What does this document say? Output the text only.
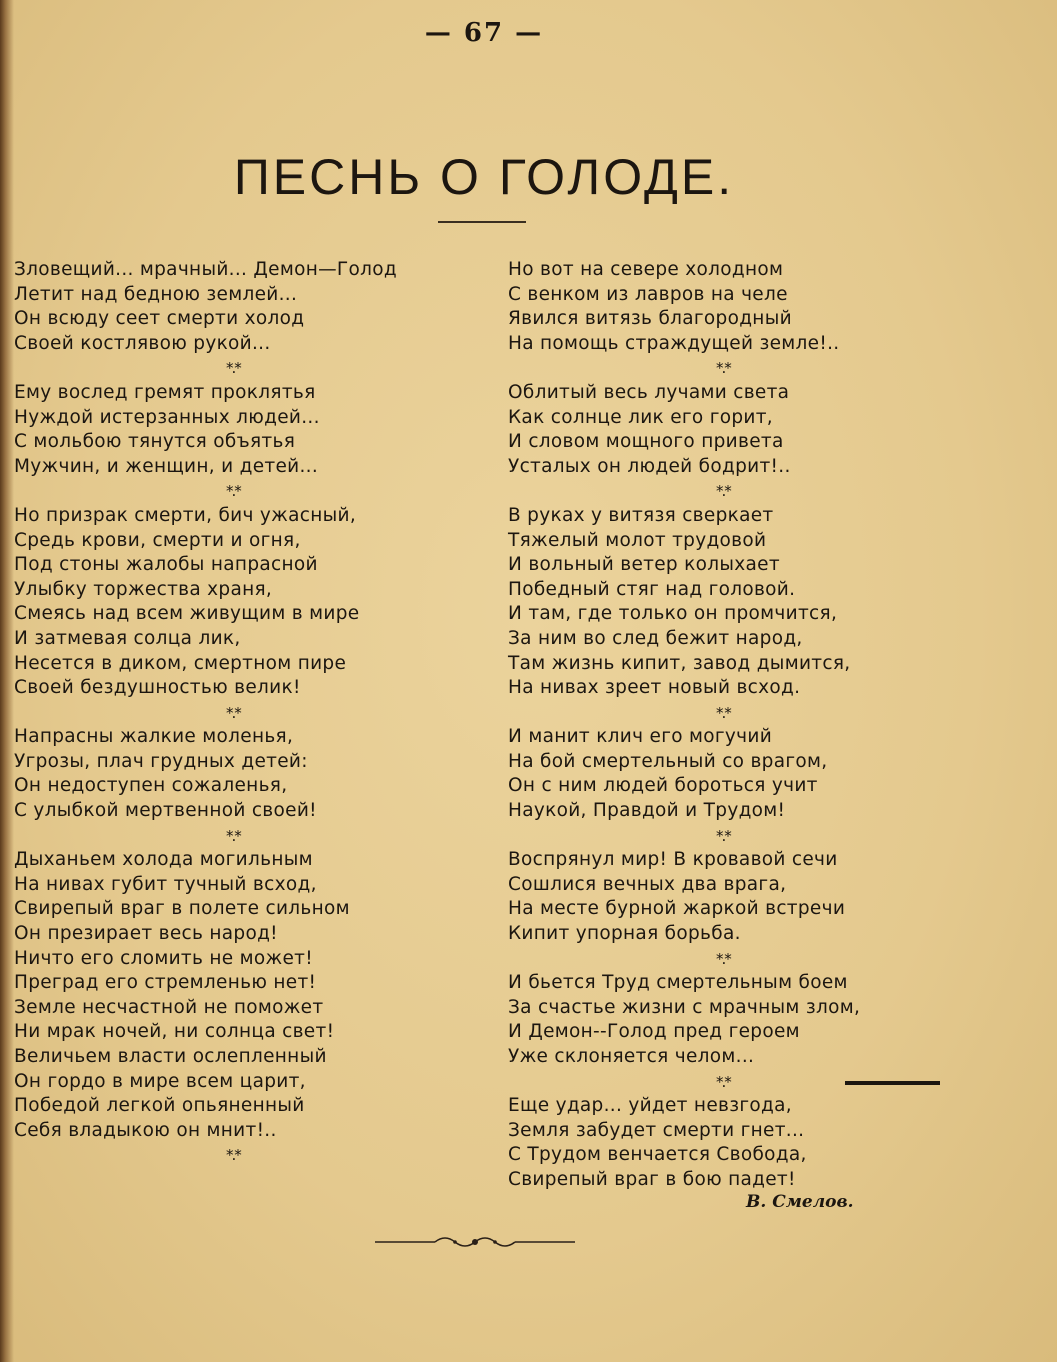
— 67 —
ПЕСНЬ О ГОЛОДЕ.
Зловещий... мрачный... Демон—Голод
Летит над бедною землей...
Он всюду сеет смерти холод
Своей костлявою рукой...
*.*
Ему вослед гремят проклятья
Нуждой истерзанных людей...
С мольбою тянутся объятья
Мужчин, и женщин, и детей...
*.*
Но призрак смерти, бич ужасный,
Средь крови, смерти и огня,
Под стоны жалобы напрасной
Улыбку торжества храня,
Смеясь над всем живущим в мире
И затмевая солца лик,
Несется в диком, смертном пире
Своей бездушностью велик!
*.*
Напрасны жалкие моленья,
Угрозы, плач грудных детей:
Он недоступен сожаленья,
С улыбкой мертвенной своей!
*.*
Дыханьем холода могильным
На нивах губит тучный всход,
Свирепый враг в полете сильном
Он презирает весь народ!
Ничто его сломить не может!
Преград его стремленью нет!
Земле несчастной не поможет
Ни мрак ночей, ни солнца свет!
Величьем власти ослепленный
Он гордо в мире всем царит,
Победой легкой опьяненный
Себя владыкою он мнит!..
*.*
Но вот на севере холодном
С венком из лавров на челе
Явился витязь благородный
На помощь страждущей земле!..
*.*
Облитый весь лучами света
Как солнце лик его горит,
И словом мощного привета
Усталых он людей бодрит!..
*.*
В руках у витязя сверкает
Тяжелый молот трудовой
И вольный ветер колыхает
Победный стяг над головой.
И там, где только он промчится,
За ним во след бежит народ,
Там жизнь кипит, завод дымится,
На нивах зреет новый всход.
*.*
И манит клич его могучий
На бой смертельный со врагом,
Он с ним людей бороться учит
Наукой, Правдой и Трудом!
*.*
Воспрянул мир! В кровавой сечи
Сошлися вечных два врага,
На месте бурной жаркой встречи
Кипит упорная борьба.
*.*
И бьется Труд смертельным боем
За счастье жизни с мрачным злом,
И Демон--Голод пред героем
Уже склоняется челом...
*.*
Еще удар... уйдет невзгода,
Земля забудет смерти гнет...
С Трудом венчается Свобода,
Свирепый враг в бою падет!
В. Смелов.
